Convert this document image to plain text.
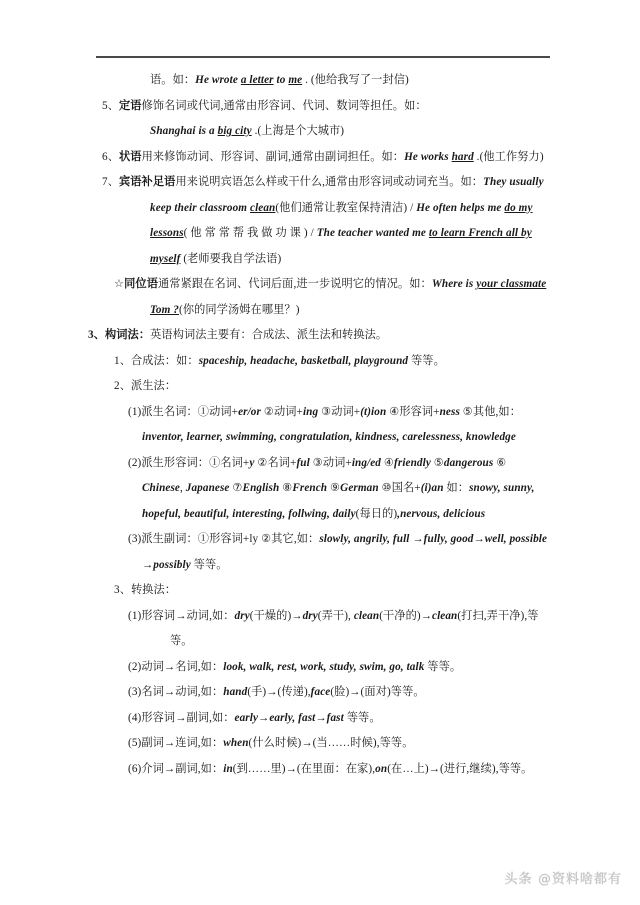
语。如：He wrote a letter to me . (他给我写了一封信)
5、定语修饰名词或代词,通常由形容词、代词、数词等担任。如：
Shanghai is a big city .(上海是个大城市)
6、状语用来修饰动词、形容词、副词,通常由副词担任。如：He works hard .(他工作努力)
7、宾语补足语用来说明宾语怎么样或干什么,通常由形容词或动词充当。如：They usually
keep their classroom clean(他们通常让教室保持清洁) / He often helps me do my
lessons( 他 常 常 帮 我 做 功 课 ) / The teacher wanted me to learn French all by
myself (老师要我自学法语)
☆同位语通常紧跟在名词、代词后面,进一步说明它的情况。如：Where is your classmate
Tom ?(你的同学汤姆在哪里？)
3、构词法：英语构词法主要有：合成法、派生法和转换法。
1、合成法：如：spaceship, headache, basketball, playground 等等。
2、派生法：
(1)派生名词：①动词+er/or ②动词+ing ③动词+(t)ion ④形容词+ness ⑤其他,如：
inventor, learner, swimming, congratulation, kindness, carelessness, knowledge
(2)派生形容词：①名词+y ②名词+ful ③动词+ing/ed ④friendly ⑤dangerous ⑥
Chinese, Japanese ⑦English ⑧French ⑨German ⑩国名+(i)an 如：snowy, sunny,
hopeful, beautiful, interesting, follwing, daily(每日的),nervous, delicious
(3)派生副词：①形容词+ly ②其它,如：slowly, angrily, full →fully, good→well, possible
→possibly 等等。
3、转换法：
(1)形容词→动词,如：dry(干燥的)→dry(弄干), clean(干净的)→clean(打扫,弄干净),等
等。
(2)动词→名词,如：look, walk, rest, work, study, swim, go, talk 等等。
(3)名词→动词,如：hand(手)→(传递),face(脸)→(面对)等等。
(4)形容词→副词,如：early→early, fast→fast 等等。
(5)副词→连词,如：when(什么时候)→(当……时候),等等。
(6)介词→副词,如：in(到……里)→(在里面：在家),on(在…上)→(进行,继续),等等。
头条 @资料啥都有
